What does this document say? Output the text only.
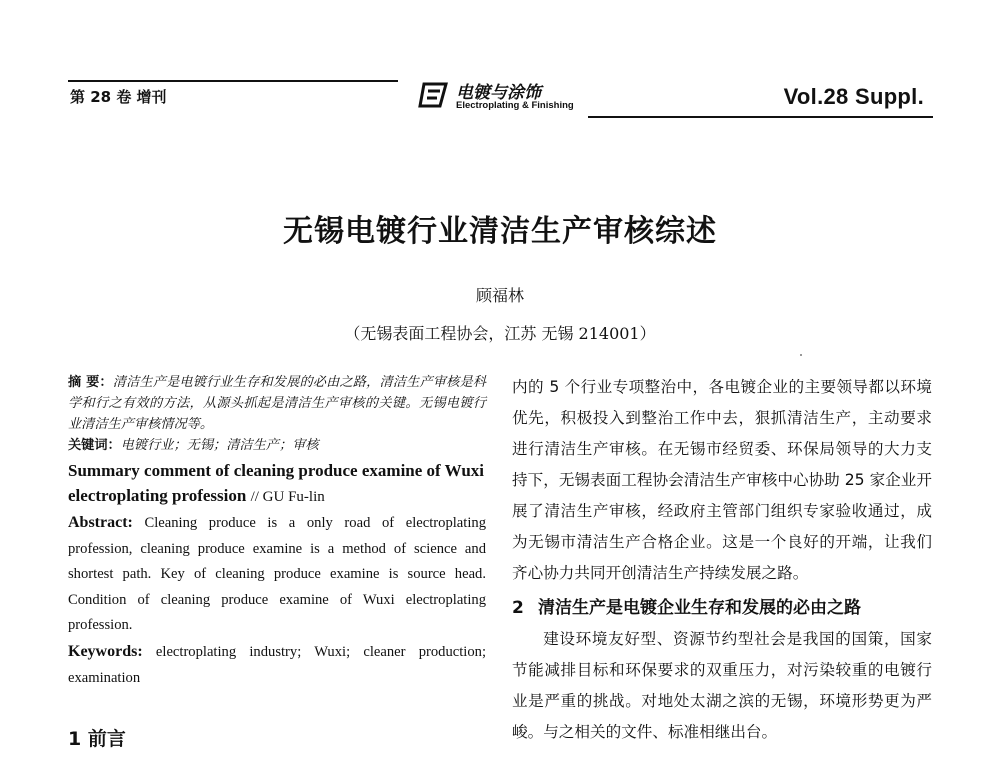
第 28 卷 增刊	电镀与涂饰
Electroplating & Finishing	Vol.28 Suppl.
无锡电镀行业清洁生产审核综述
顾福林
（无锡表面工程协会，江苏 无锡 214001）
摘 要：清洁生产是电镀行业生存和发展的必由之路，清洁生产审核是科学和行之有效的方法，从源头抓起是清洁生产审核的关键。无锡电镀行业清洁生产审核情况等。
关键词：电镀行业；无锡；清洁生产；审核
Summary comment of cleaning produce examine of Wuxi electroplating profession // GU Fu-lin
Abstract: Cleaning produce is a only road of electroplating profession, cleaning produce examine is a method of science and shortest path. Key of cleaning produce examine is source head. Condition of cleaning produce examine of Wuxi electroplating profession.
Keywords: electroplating industry; Wuxi; cleaner production; examination
1 前言

内的 5 个行业专项整治中，各电镀企业的主要领导都以环境优先，积极投入到整治工作中去，狠抓清洁生产，主动要求进行清洁生产审核。在无锡市经贸委、环保局领导的大力支持下，无锡表面工程协会清洁生产审核中心协助 25 家企业开展了清洁生产审核，经政府主管部门组织专家验收通过，成为无锡市清洁生产合格企业。这是一个良好的开端，让我们齐心协力共同开创清洁生产持续发展之路。

2 清洁生产是电镀企业生存和发展的必由之路

建设环境友好型、资源节约型社会是我国的国策，国家节能减排目标和环保要求的双重压力，对污染较重的电镀行业是严重的挑战。对地处太湖之滨的无锡，环境形势更为严峻。与之相关的文件、标准相继出台。
